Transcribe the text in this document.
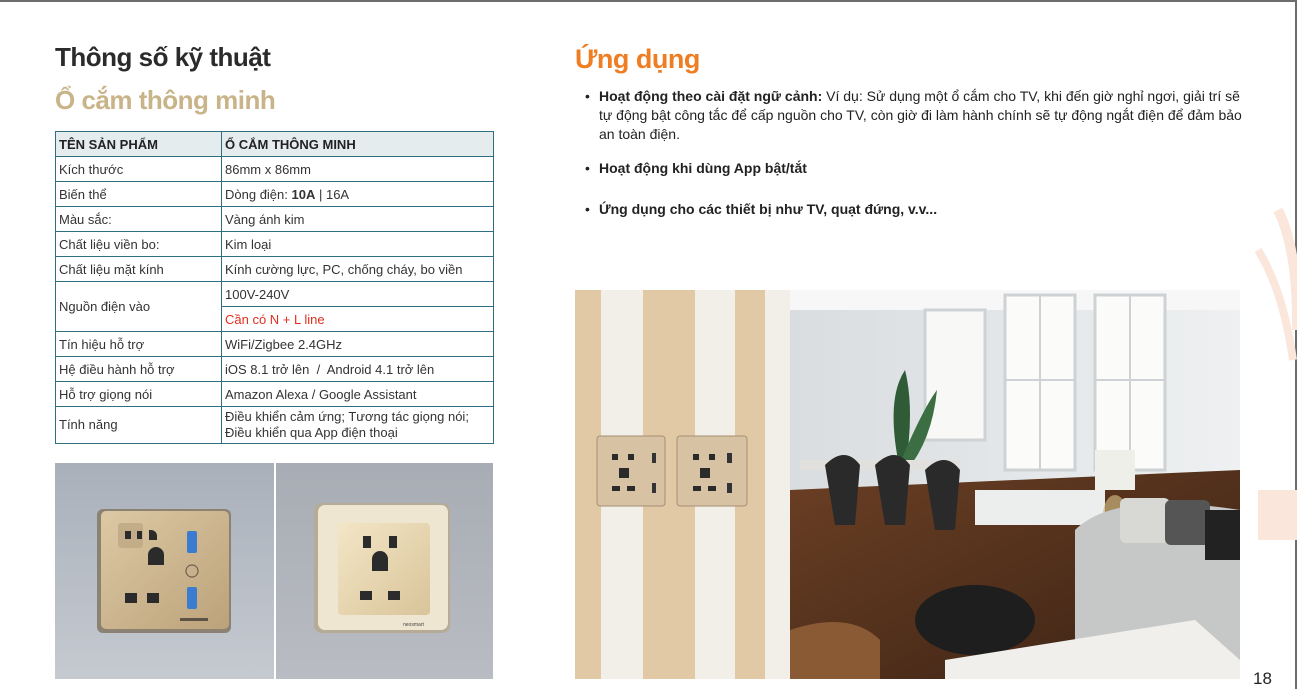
Thông số kỹ thuật
Ổ cắm thông minh
TÊN SẢN PHẨM	Ổ CẮM THÔNG MINH
Kích thước	86mm x 86mm
Biến thể	Dòng điện: 10A | 16A
Màu sắc:	Vàng ánh kim
Chất liệu viền bo:	Kim loại
Chất liệu mặt kính	Kính cường lực, PC, chống cháy, bo viền
Nguồn điện vào	100V-240V
	Cần có N + L line
Tín hiệu hỗ trợ	WiFi/Zigbee 2.4GHz
Hệ điều hành hỗ trợ	iOS 8.1 trở lên  /  Android 4.1 trở lên
Hỗ trợ giọng nói	Amazon Alexa / Google Assistant
Tính năng	Điều khiển cảm ứng; Tương tác giọng nói;
Điều khiển qua App điện thoại
neosmart
Ứng dụng
• Hoạt động theo cài đặt ngữ cảnh: Ví dụ: Sử dụng một ổ cắm cho TV, khi đến giờ nghỉ ngơi, giải trí sẽ tự động bật công tắc để cấp nguồn cho TV, còn giờ đi làm hành chính sẽ tự động ngắt điện để đảm bảo an toàn điện.
• Hoạt động khi dùng App bật/tắt
• Ứng dụng cho các thiết bị như TV, quạt đứng, v.v...
18
